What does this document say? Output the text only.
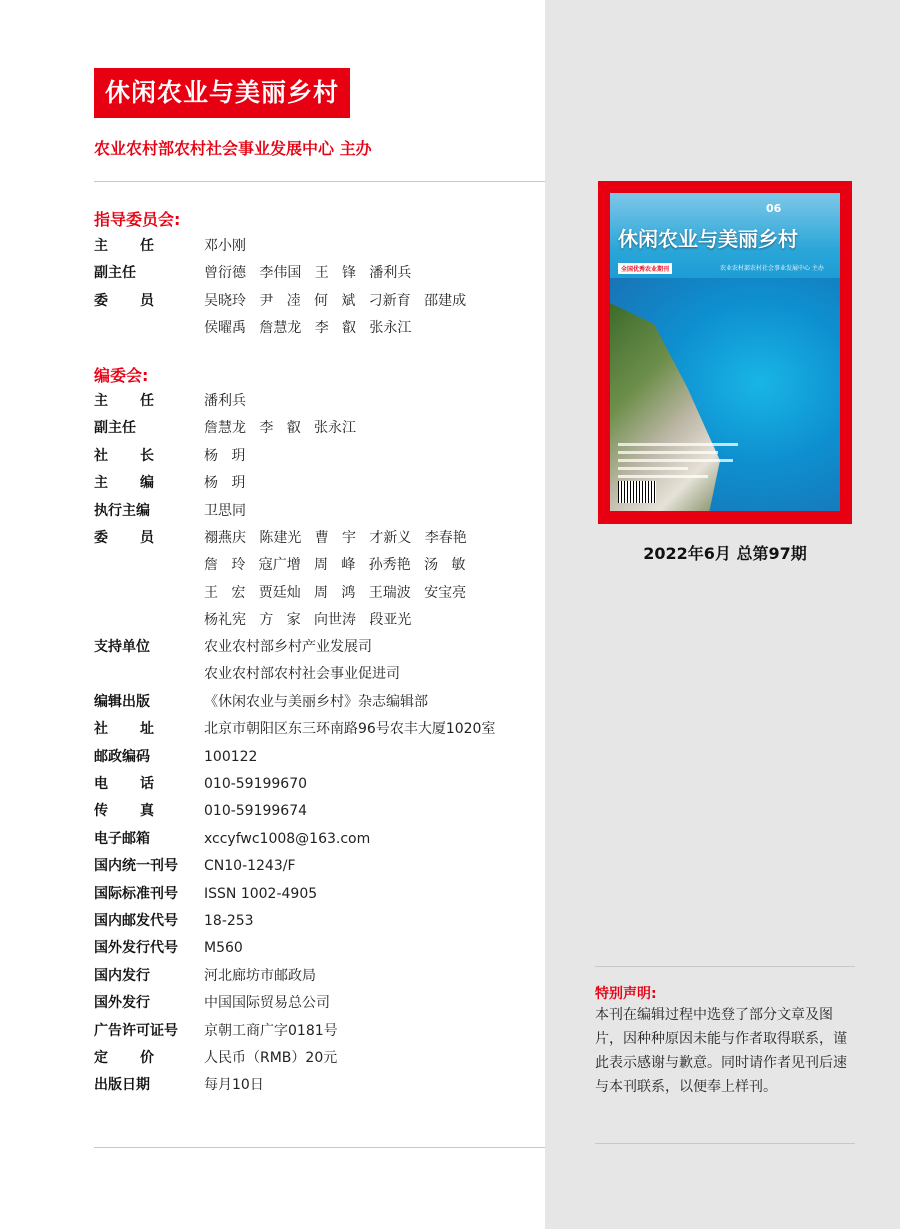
休闲农业与美丽乡村
农业农村部农村社会事业发展中心 主办
指导委员会:
主 任	邓小刚
副主任	曾衍德   李伟国   王   锋   潘利兵
委 员	吴晓玲   尹   㓐   何   斌   刁新育   邵建成
侯曜禹   詹慧龙   李   叡   张永江
编委会:
主 任	潘利兵
副主任	詹慧龙   李   叡   张永江
社 长	杨   玥
主 编	杨   玥
执行主编	卫思同
委 员	禤燕庆   陈建光   曹   宇   才新义   李春艳
詹   玲   寇广增   周   峰   孙秀艳   汤   敏
王   宏   贾廷灿   周   鸿   王瑞波   安宝亮
杨礼宪   方   家   向世涛   段亚光
支持单位	农业农村部乡村产业发展司
农业农村部农村社会事业促进司
编辑出版	《休闲农业与美丽乡村》杂志编辑部
社 址	北京市朝阳区东三环南路96号农丰大厦1020室
邮政编码	100122
电 话	010-59199670
传 真	010-59199674
电子邮箱	xccyfwc1008@163.com
国内统一刊号	CN10-1243/F
国际标准刊号	ISSN 1002-4905
国内邮发代号	18-253
国外发行代号	M560
国内发行	河北廊坊市邮政局
国外发行	中国国际贸易总公司
广告许可证号	京朝工商广字0181号
定 价	人民币（RMB）20元
出版日期	每月10日
06
休闲农业与美丽乡村
全国优秀农业期刊	农业农村部农村社会事业发展中心 主办
2022年6月 总第97期
特别声明:
本刊在编辑过程中选登了部分文章及图片，因种种原因未能与作者取得联系，谨此表示感谢与歉意。同时请作者见刊后速与本刊联系，以便奉上样刊。
